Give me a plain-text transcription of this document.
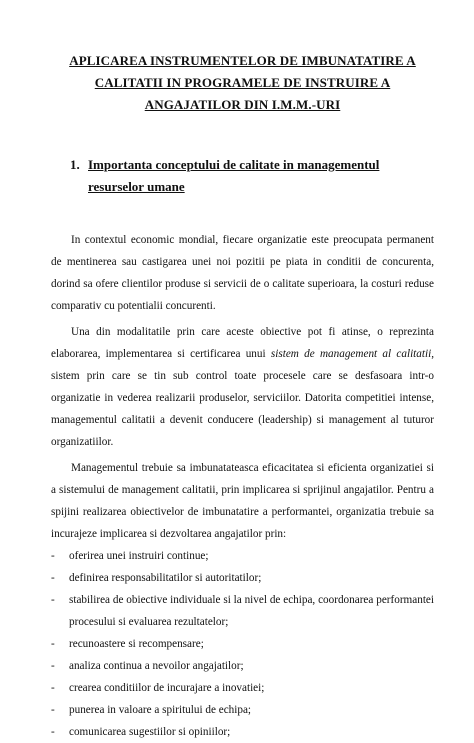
APLICAREA INSTRUMENTELOR DE IMBUNATATIRE A
CALITATII IN PROGRAMELE DE INSTRUIRE A
ANGAJATILOR DIN I.M.M.-URI
1. Importanta conceptului de calitate in managementul resurselor umane

In contextul economic mondial, fiecare organizatie este preocupata permanent de mentinerea sau castigarea unei noi pozitii pe piata in conditii de concurenta, dorind sa ofere clientilor produse si servicii de o calitate superioara, la costuri reduse comparativ cu potentialii concurenti.

Una din modalitatile prin care aceste obiective pot fi atinse, o reprezinta elaborarea, implementarea si certificarea unui sistem de management al calitatii, sistem prin care se tin sub control toate procesele care se desfasoara intr-o organizatie in vederea realizarii produselor, serviciilor. Datorita competitiei intense, managementul calitatii a devenit conducere (leadership) si management al tuturor organizatiilor.

Managementul trebuie sa imbunatateasca eficacitatea si eficienta organizatiei si a sistemului de management calitatii, prin implicarea si sprijinul angajatilor. Pentru a spijini realizarea obiectivelor de imbunatatire a performantei, organizatia trebuie sa incurajeze implicarea si dezvoltarea angajatilor prin:

-	oferirea unei instruiri continue;
-	definirea responsabilitatilor si autoritatilor;
-	stabilirea de obiective individuale si la nivel de echipa, coordonarea performantei procesului si evaluarea rezultatelor;
-	recunoastere si recompensare;
-	analiza continua a nevoilor angajatilor;
-	crearea conditiilor de incurajare a inovatiei;
-	punerea in valoare a spiritului de echipa;
-	comunicarea sugestiilor si opiniilor;
